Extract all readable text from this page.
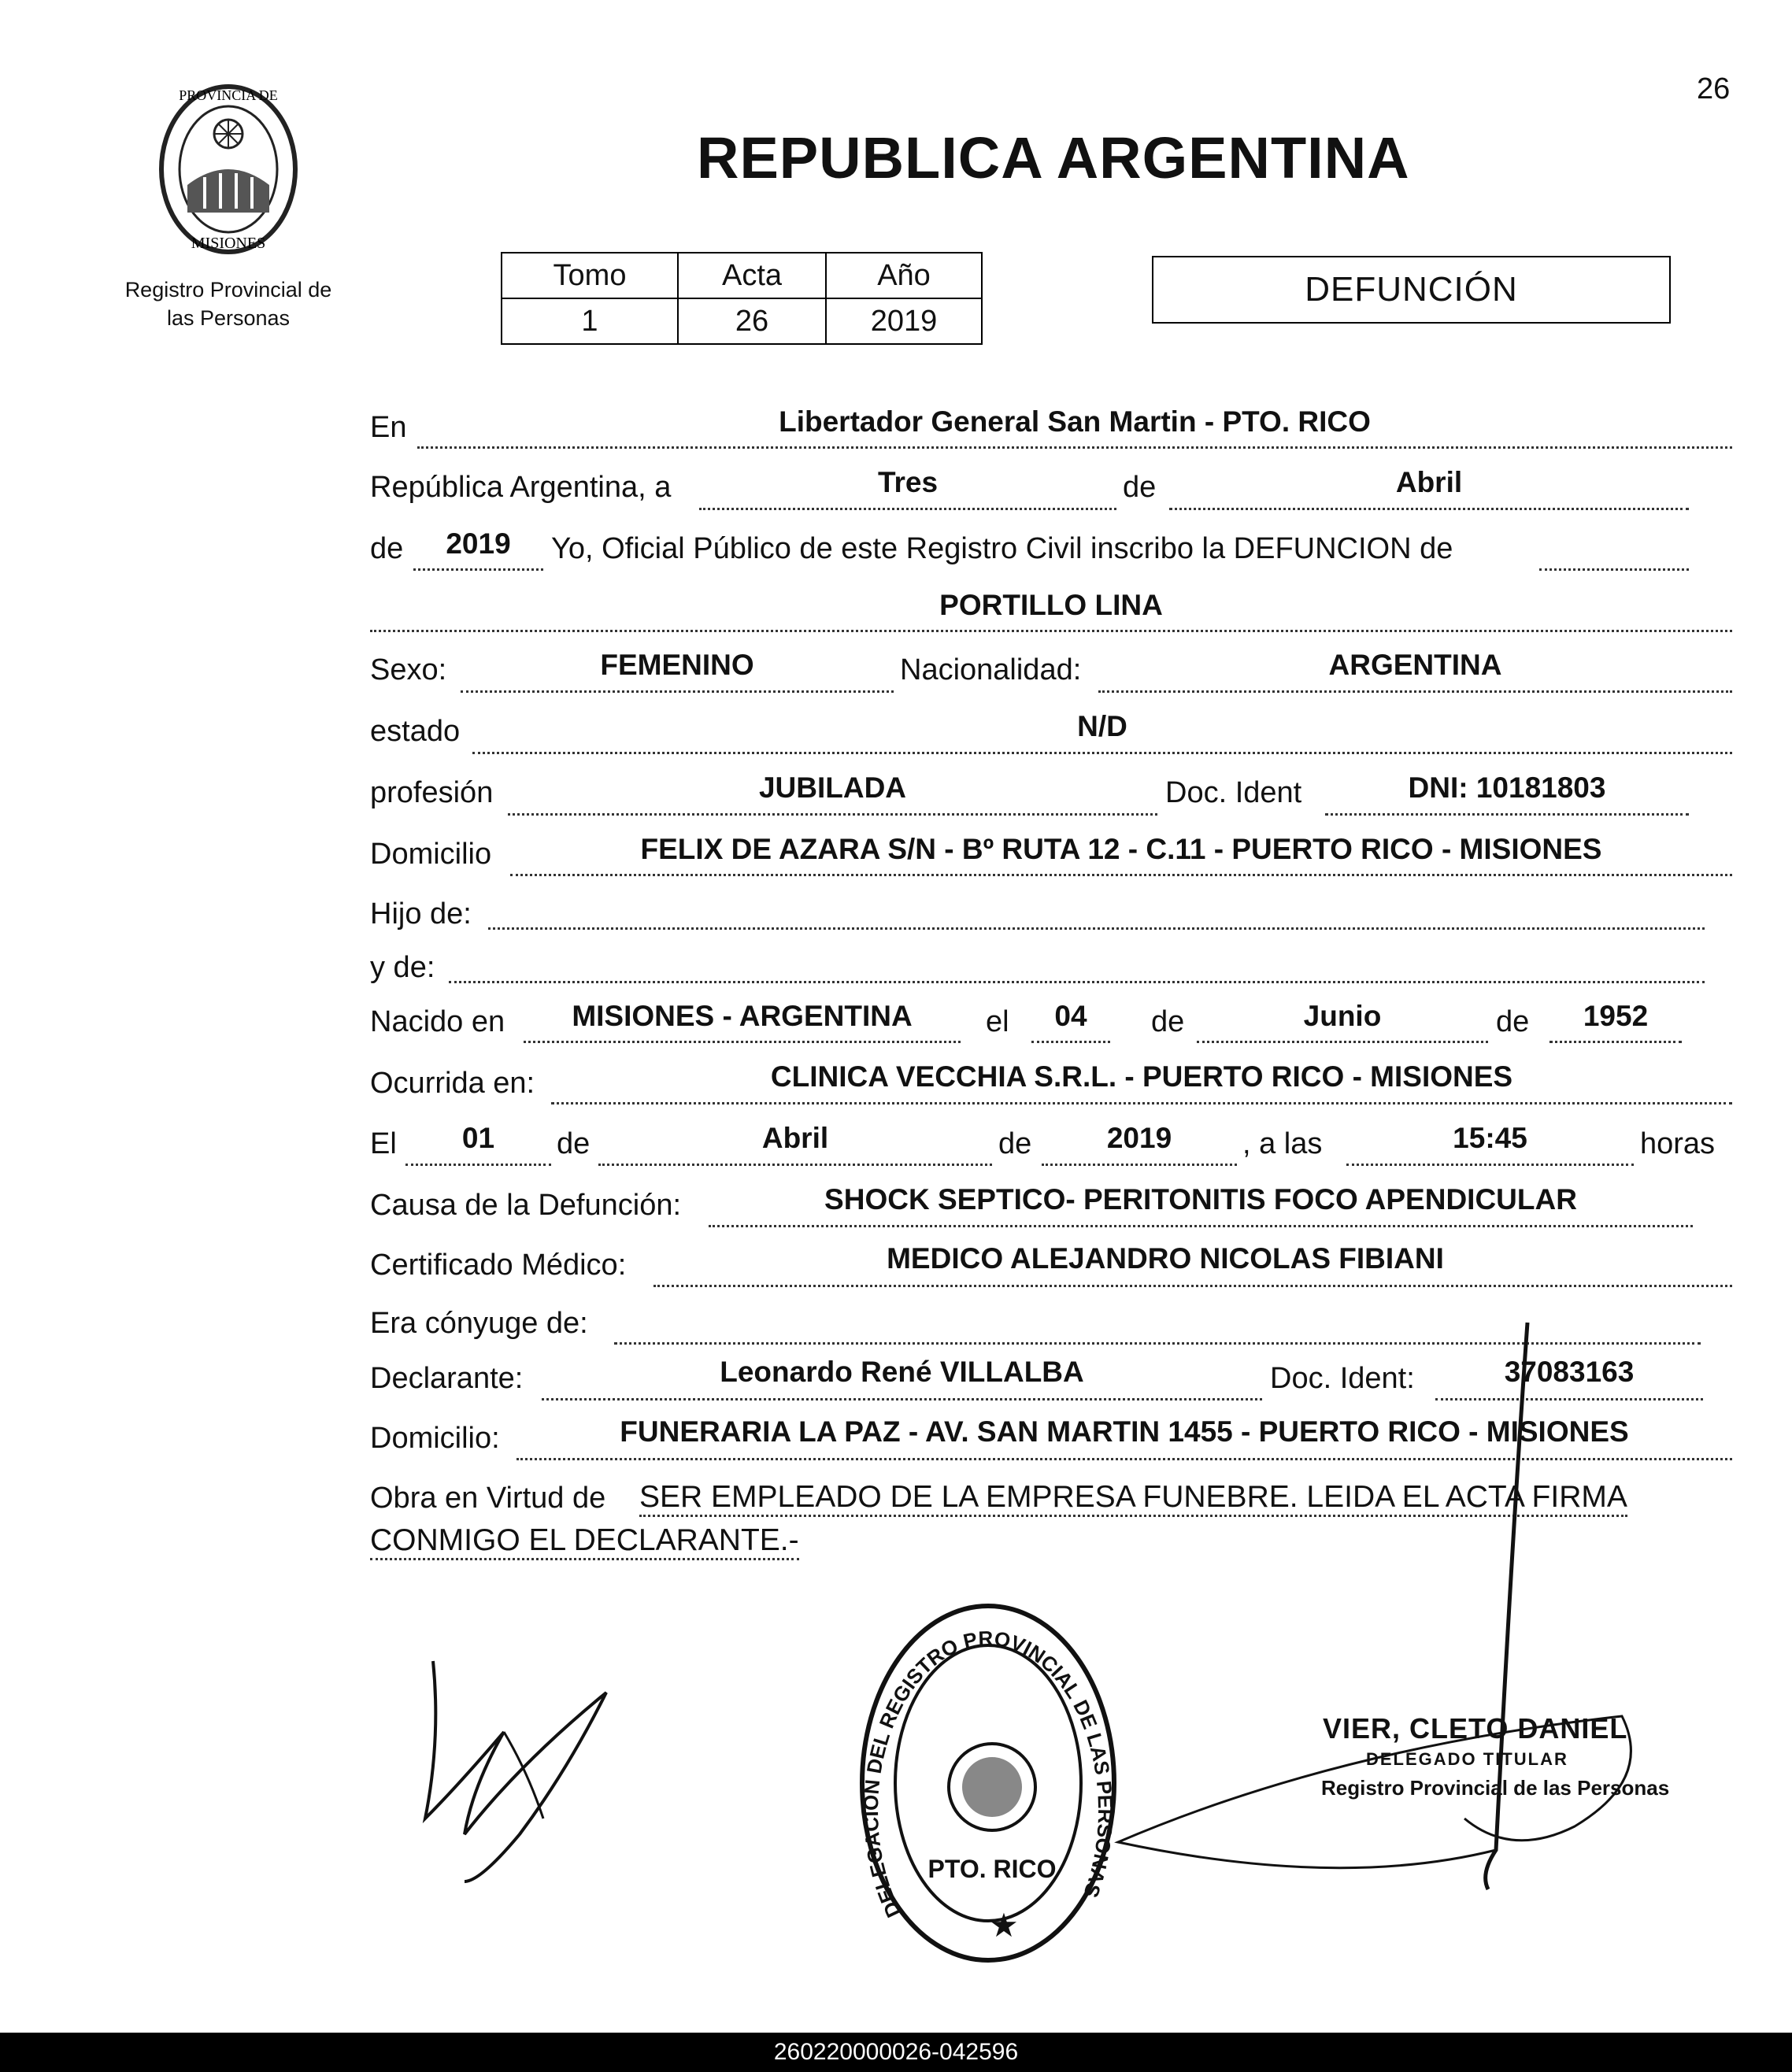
26
PROVINCIA DE
MISIONES
Registro Provincial de las Personas
REPUBLICA ARGENTINA
Tomo	Acta	Año
1	26	2019
DEFUNCIÓN
En	Libertador General San Martin - PTO. RICO
República Argentina, a	Tres	de	Abril
de	2019	Yo, Oficial Público de este Registro Civil inscribo la DEFUNCION de
PORTILLO LINA
Sexo:	FEMENINO	Nacionalidad:	ARGENTINA
estado	N/D
profesión	JUBILADA	Doc. Ident	DNI: 10181803
Domicilio	FELIX DE AZARA S/N - Bº RUTA 12 - C.11 - PUERTO RICO - MISIONES
Hijo de:
y de:
Nacido en	MISIONES - ARGENTINA	el	04	de	Junio	de	1952
Ocurrida en:	CLINICA VECCHIA S.R.L. - PUERTO RICO - MISIONES
El	01	de	Abril	de	2019	, a las	15:45	horas
Causa de la Defunción:	SHOCK SEPTICO- PERITONITIS FOCO APENDICULAR
Certificado Médico:	MEDICO ALEJANDRO NICOLAS FIBIANI
Era cónyuge de:
Declarante:	Leonardo René VILLALBA	Doc. Ident:	37083163
Domicilio:	FUNERARIA LA PAZ - AV. SAN MARTIN 1455 - PUERTO RICO - MISIONES
Obra en Virtud de SER EMPLEADO DE LA EMPRESA FUNEBRE. LEIDA EL ACTA FIRMA
CONMIGO EL DECLARANTE.-
DELEGACION DEL REGISTRO PROVINCIAL DE LAS PERSONAS
PTO. RICO
★
VIER, CLETO DANIEL
DELEGADO TITULAR
Registro Provincial de las Personas
260220000026-042596
